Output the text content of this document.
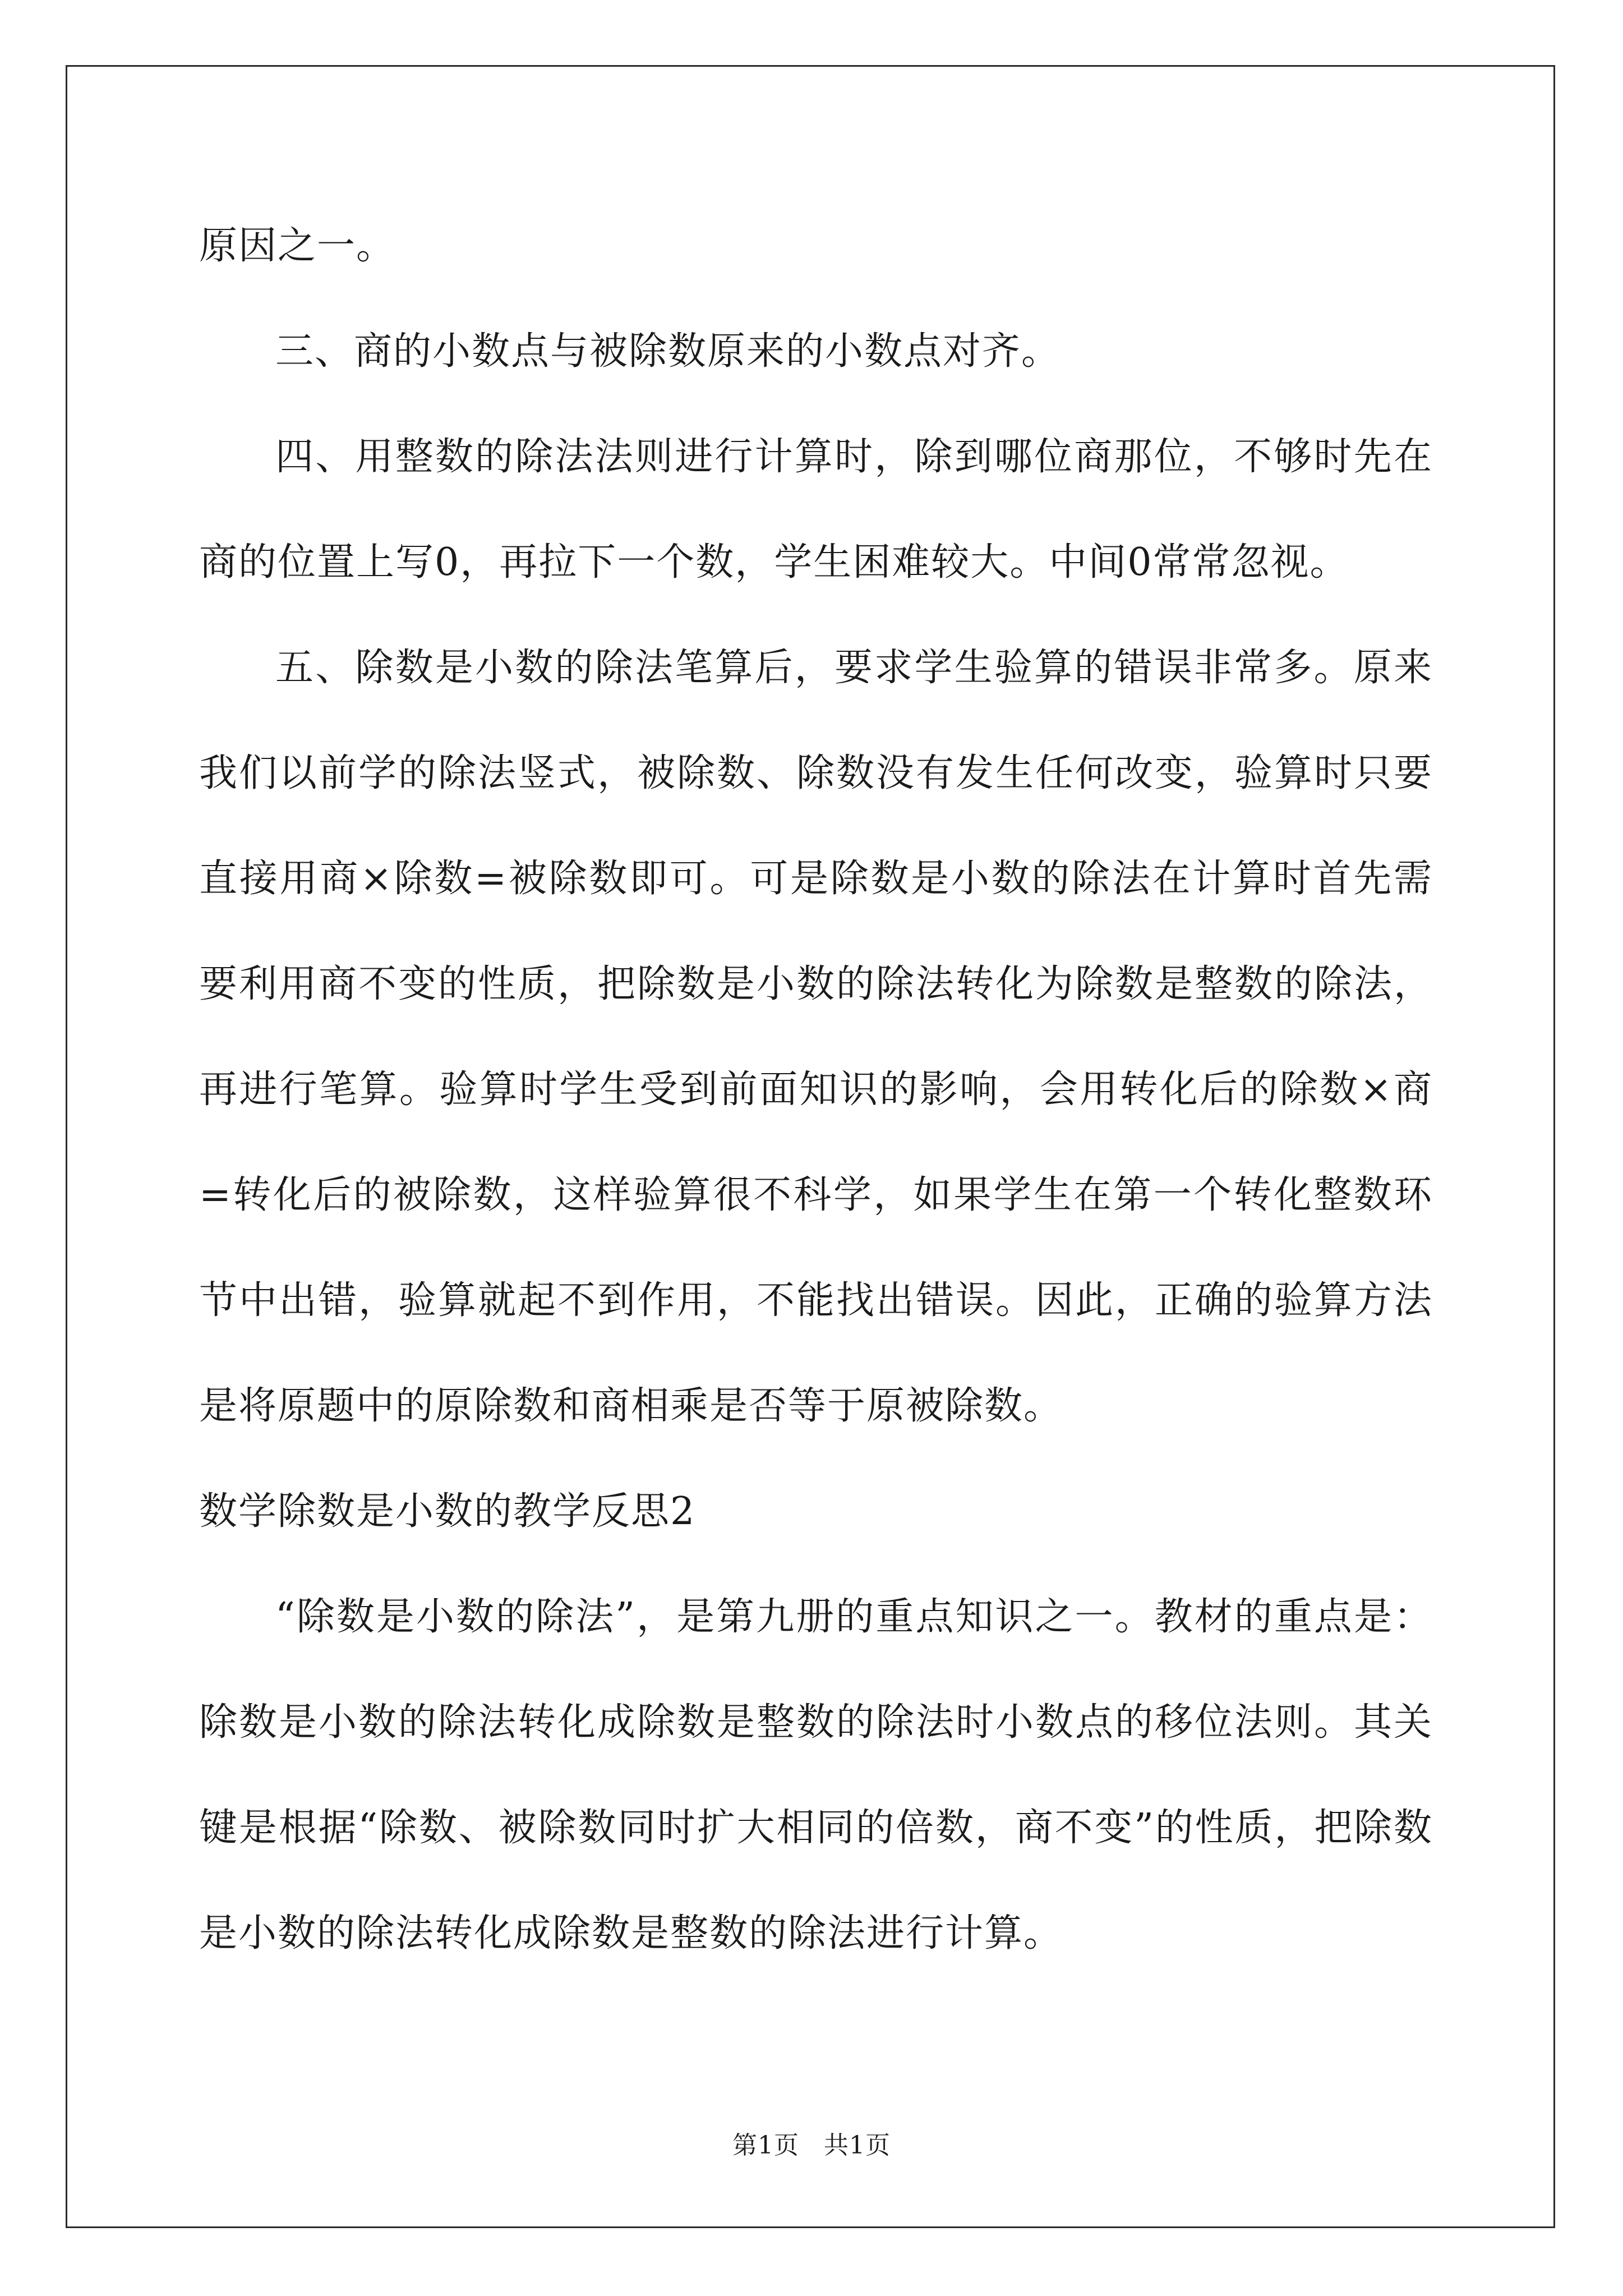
原因之一。

三、商的小数点与被除数原来的小数点对齐。

四、用整数的除法法则进行计算时，除到哪位商那位，不够时先在商的位置上写0，再拉下一个数，学生困难较大。中间0常常忽视。

五、除数是小数的除法笔算后，要求学生验算的错误非常多。原来我们以前学的除法竖式，被除数、除数没有发生任何改变，验算时只要直接用商×除数=被除数即可。可是除数是小数的除法在计算时首先需要利用商不变的性质，把除数是小数的除法转化为除数是整数的除法，再进行笔算。验算时学生受到前面知识的影响，会用转化后的除数×商=转化后的被除数，这样验算很不科学，如果学生在第一个转化整数环节中出错，验算就起不到作用，不能找出错误。因此，正确的验算方法是将原题中的原除数和商相乘是否等于原被除数。

数学除数是小数的教学反思2

“除数是小数的除法”，是第九册的重点知识之一。教材的重点是：除数是小数的除法转化成除数是整数的除法时小数点的移位法则。其关键是根据“除数、被除数同时扩大相同的倍数，商不变”的性质，把除数是小数的除法转化成除数是整数的除法进行计算。

第1页 共1页
